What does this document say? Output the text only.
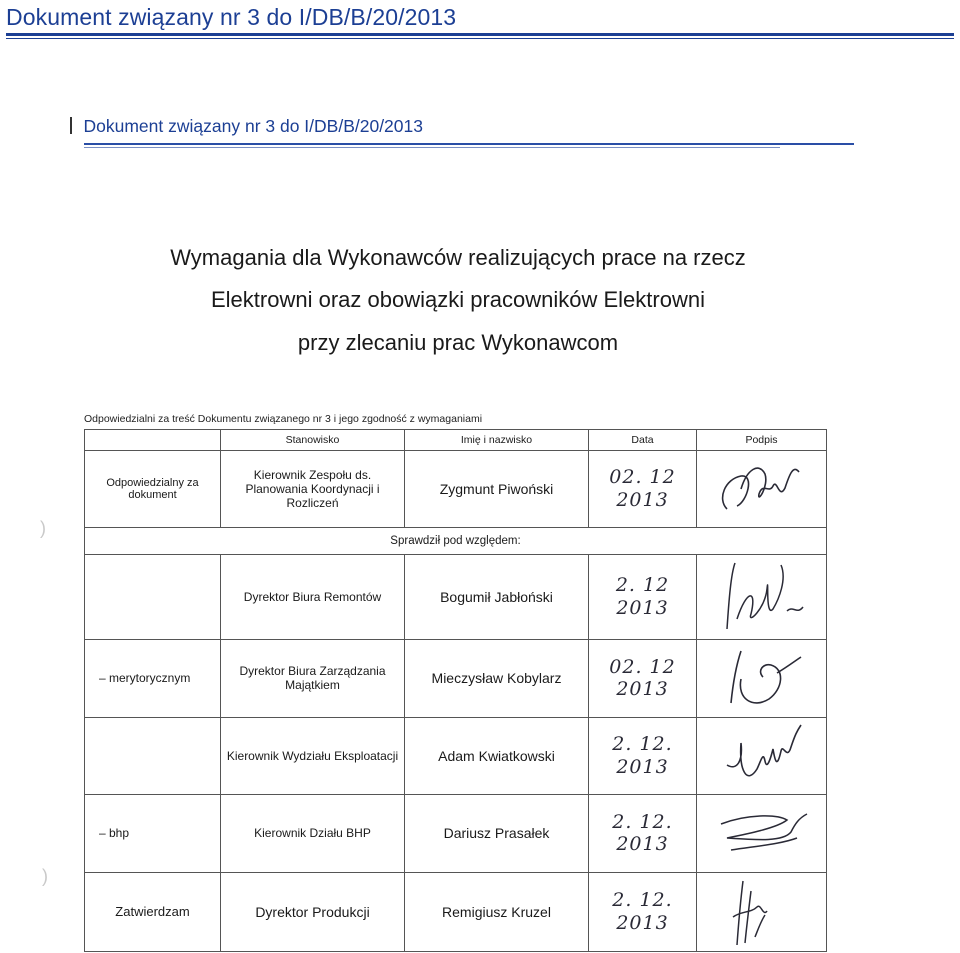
Dokument związany nr 3 do I/DB/B/20/2013
)
)
Dokument związany nr 3 do I/DB/B/20/2013

Wymagania dla Wykonawców realizujących prace na rzecz

Elektrowni oraz obowiązki pracowników Elektrowni

przy zlecaniu prac Wykonawcom

Odpowiedzialni za treść Dokumentu związanego nr 3 i jego zgodność z wymaganiami
	Stanowisko	Imię i nazwisko	Data	Podpis
Odpowiedzialny za dokument	Kierownik Zespołu ds. Planowania Koordynacji i Rozliczeń	Zygmunt Piwoński	02. 12 2013	

Sprawdził pod względem:				
	Dyrektor Biura Remontów	Bogumił Jabłoński	2. 12 2013	

– merytorycznym	Dyrektor Biura Zarządzania Majątkiem	Mieczysław Kobylarz	02. 12 2013	

	Kierownik Wydziału Eksploatacji	Adam Kwiatkowski	2. 12. 2013	

– bhp	Kierownik Działu BHP	Dariusz Prasałek	2. 12. 2013	

Zatwierdzam	Dyrektor Produkcji	Remigiusz Kruzel	2. 12. 2013	
